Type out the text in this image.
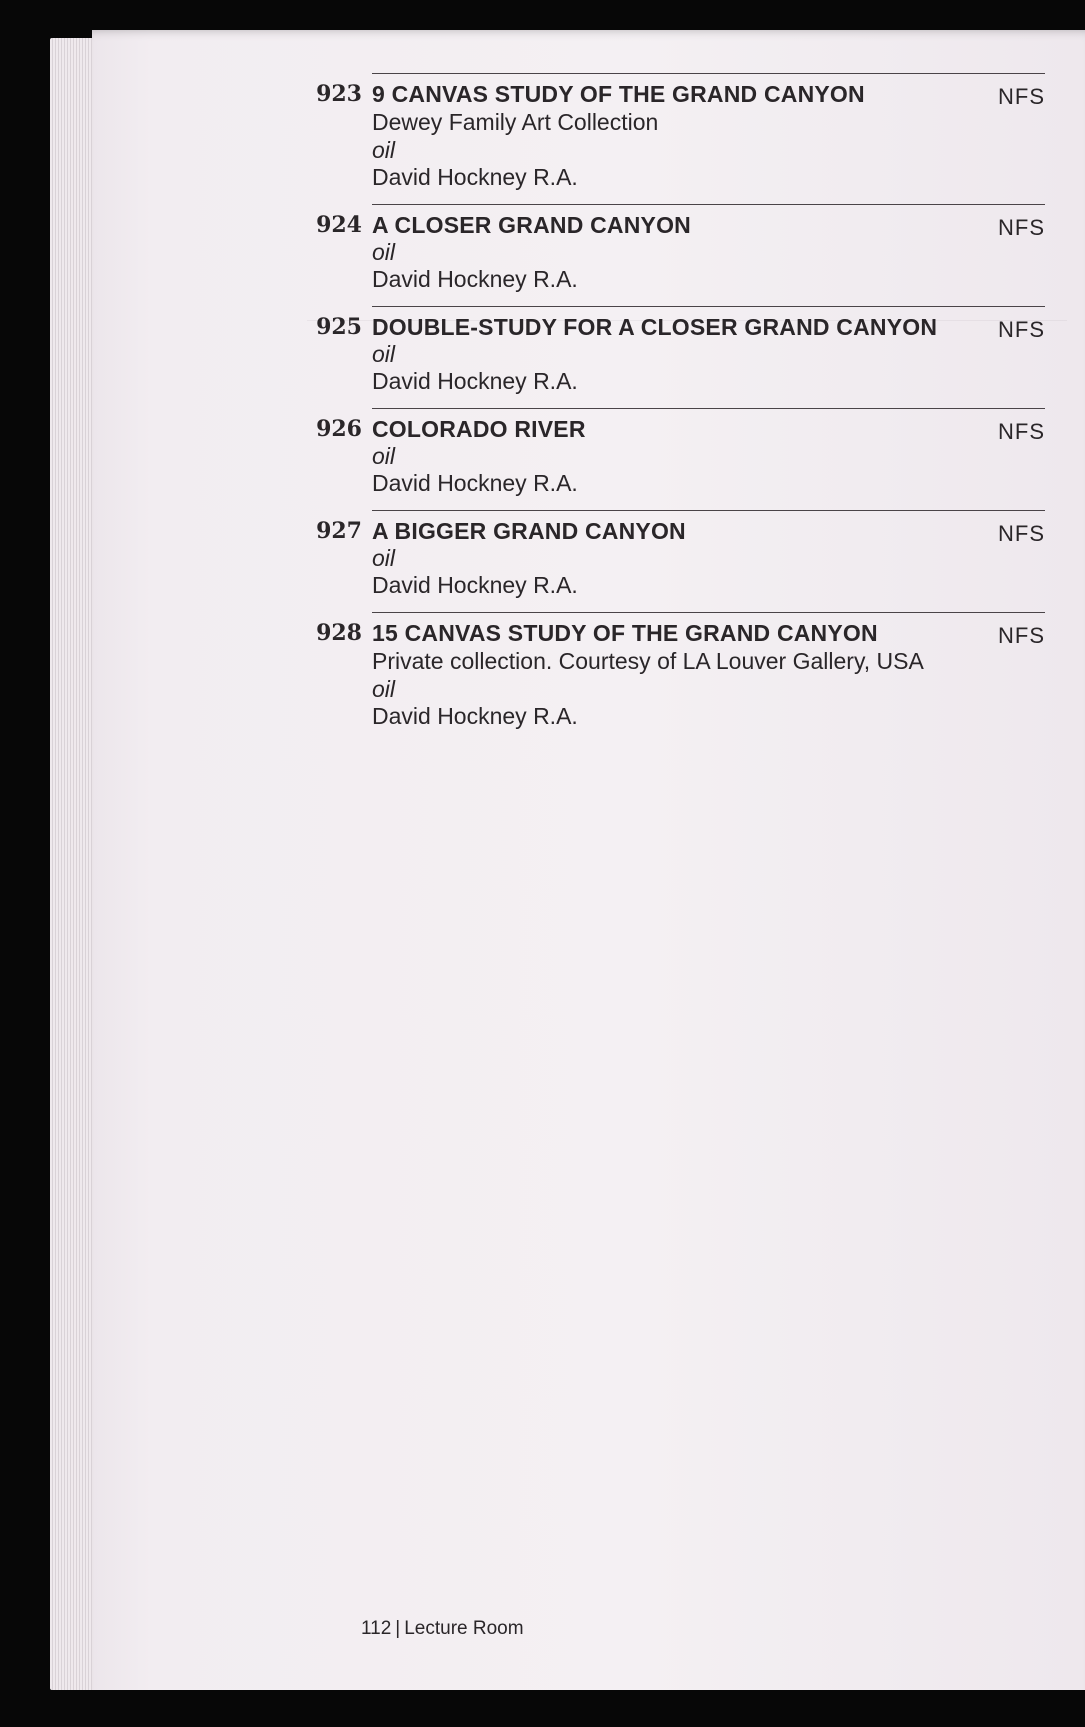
923 9 CANVAS STUDY OF THE GRAND CANYON
Dewey Family Art Collection
oil
David Hockney R.A.
NFS
924 A CLOSER GRAND CANYON
oil
David Hockney R.A.
NFS
925 DOUBLE-STUDY FOR A CLOSER GRAND CANYON
oil
David Hockney R.A.
NFS
926 COLORADO RIVER
oil
David Hockney R.A.
NFS
927 A BIGGER GRAND CANYON
oil
David Hockney R.A.
NFS
928 15 CANVAS STUDY OF THE GRAND CANYON
Private collection. Courtesy of LA Louver Gallery, USA
oil
David Hockney R.A.
NFS
112 | Lecture Room
